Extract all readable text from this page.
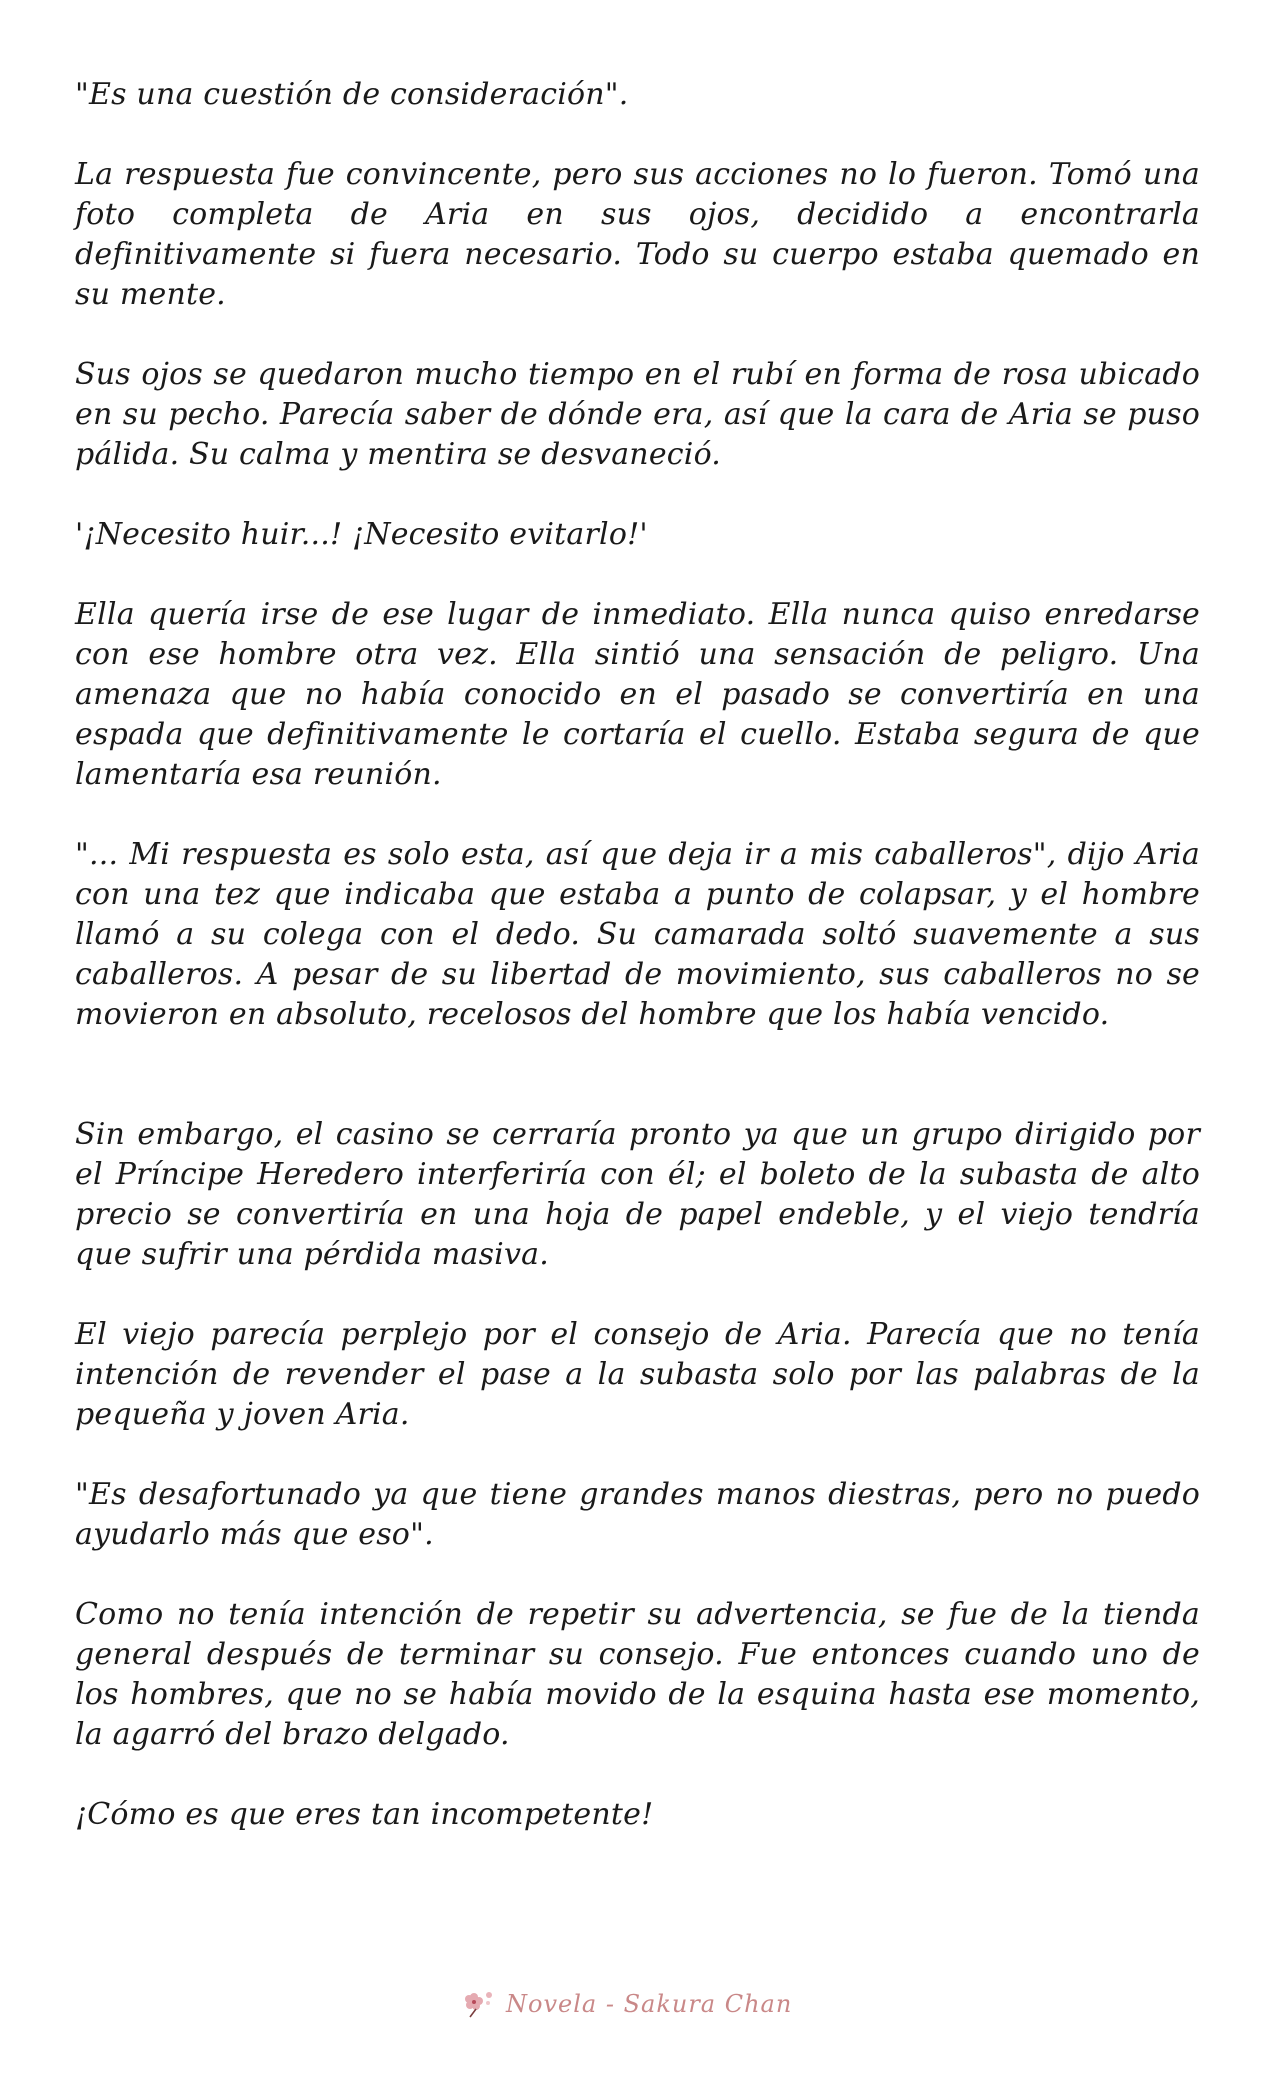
"Es una cuestión de consideración".

La respuesta fue convincente, pero sus acciones no lo fueron. Tomó una foto completa de Aria en sus ojos, decidido a encontrarla definitivamente si fuera necesario. Todo su cuerpo estaba quemado en su mente.

Sus ojos se quedaron mucho tiempo en el rubí en forma de rosa ubicado en su pecho. Parecía saber de dónde era, así que la cara de Aria se puso pálida. Su calma y mentira se desvaneció.

'¡Necesito huir...! ¡Necesito evitarlo!'

Ella quería irse de ese lugar de inmediato. Ella nunca quiso enredarse con ese hombre otra vez. Ella sintió una sensación de peligro. Una amenaza que no había conocido en el pasado se convertiría en una espada que definitivamente le cortaría el cuello. Estaba segura de que lamentaría esa reunión.

"... Mi respuesta es solo esta, así que deja ir a mis caballeros", dijo Aria con una tez que indicaba que estaba a punto de colapsar, y el hombre llamó a su colega con el dedo. Su camarada soltó suavemente a sus caballeros. A pesar de su libertad de movimiento, sus caballeros no se movieron en absoluto, recelosos del hombre que los había vencido.

Sin embargo, el casino se cerraría pronto ya que un grupo dirigido por el Príncipe Heredero interferiría con él; el boleto de la subasta de alto precio se convertiría en una hoja de papel endeble, y el viejo tendría que sufrir una pérdida masiva.

El viejo parecía perplejo por el consejo de Aria. Parecía que no tenía intención de revender el pase a la subasta solo por las palabras de la pequeña y joven Aria.

"Es desafortunado ya que tiene grandes manos diestras, pero no puedo ayudarlo más que eso".

Como no tenía intención de repetir su advertencia, se fue de la tienda general después de terminar su consejo. Fue entonces cuando uno de los hombres, que no se había movido de la esquina hasta ese momento, la agarró del brazo delgado.

¡Cómo es que eres tan incompetente!

Novela - Sakura Chan
